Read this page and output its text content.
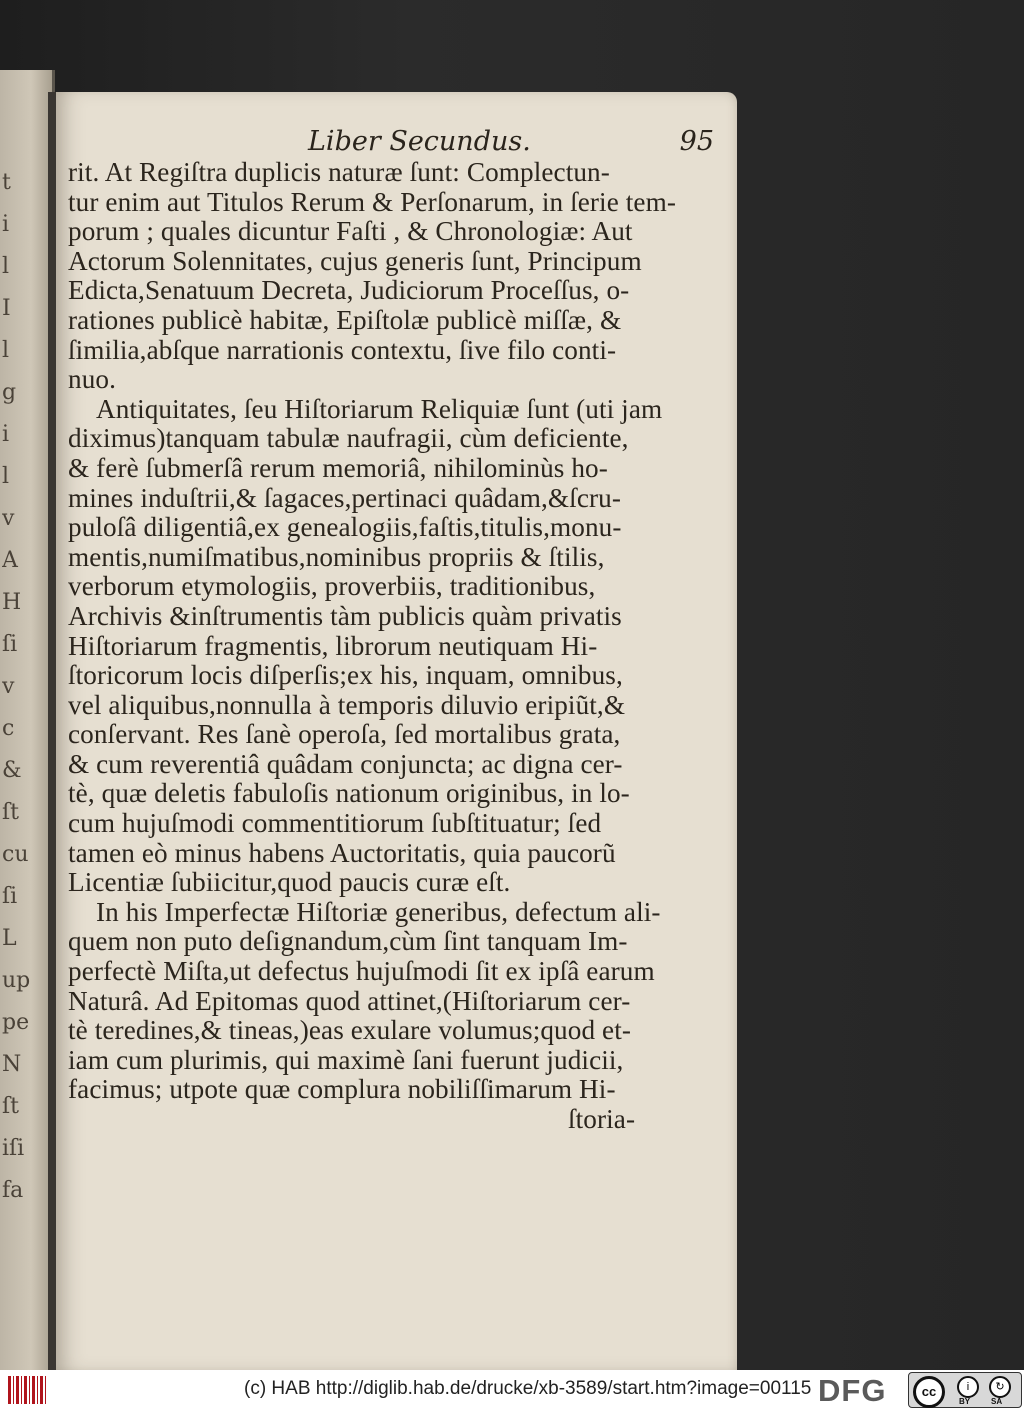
t
i
l
I
l
g
i
l
v
A
H
ſi
v
c
&
ſt
cu
ſi
L
up
pe
N
ſt
iſi
fa
Liber Secundus.	95
rit. At Regiſtra duplicis naturæ ſunt: Complectun-
tur enim aut Titulos Rerum & Perſonarum, in ſerie tem-
porum ; quales dicuntur Faſti , & Chronologiæ: Aut
Actorum Solennitates, cujus generis ſunt, Principum
Edicta,Senatuum Decreta, Judiciorum Proceſſus, o-
rationes publicè habitæ, Epiſtolæ publicè miſſæ, &
ſimilia,abſque narrationis contextu, ſive filo conti-
nuo.
Antiquitates, ſeu Hiſtoriarum Reliquiæ ſunt (uti jam
diximus)tanquam tabulæ naufragii, cùm deficiente,
& ferè ſubmerſâ rerum memoriâ, nihilominùs ho-
mines induſtrii,& ſagaces,pertinaci quâdam,&ſcru-
puloſâ diligentiâ,ex genealogiis,faſtis,titulis,monu-
mentis,numiſmatibus,nominibus propriis & ſtilis,
verborum etymologiis, proverbiis, traditionibus,
Archivis &inſtrumentis tàm publicis quàm privatis
Hiſtoriarum fragmentis, librorum neutiquam Hi-
ſtoricorum locis diſperſis;ex his, inquam, omnibus,
vel aliquibus,nonnulla à temporis diluvio eripiũt,&
conſervant. Res ſanè operoſa, ſed mortalibus grata,
& cum reverentiâ quâdam conjuncta; ac digna cer-
tè, quæ deletis fabuloſis nationum originibus, in lo-
cum hujuſmodi commentitiorum ſubſtituatur; ſed
tamen eò minus habens Auctoritatis, quia paucorũ
Licentiæ ſubiicitur,quod paucis curæ eſt.
In his Imperfectæ Hiſtoriæ generibus, defectum ali-
quem non puto deſignandum,cùm ſint tanquam Im-
perfectè Miſta,ut defectus hujuſmodi ſit ex ipſâ earum
Naturâ. Ad Epitomas quod attinet,(Hiſtoriarum cer-
tè teredines,& tineas,)eas exulare volumus;quod et-
iam cum plurimis, qui maximè ſani fuerunt judicii,
facimus; utpote quæ complura nobiliſſimarum Hi-
ſtoria-
(c) HAB http://diglib.hab.de/drucke/xb-3589/start.htm?image=00115 DFG	cc	i	↻
BY	SA
